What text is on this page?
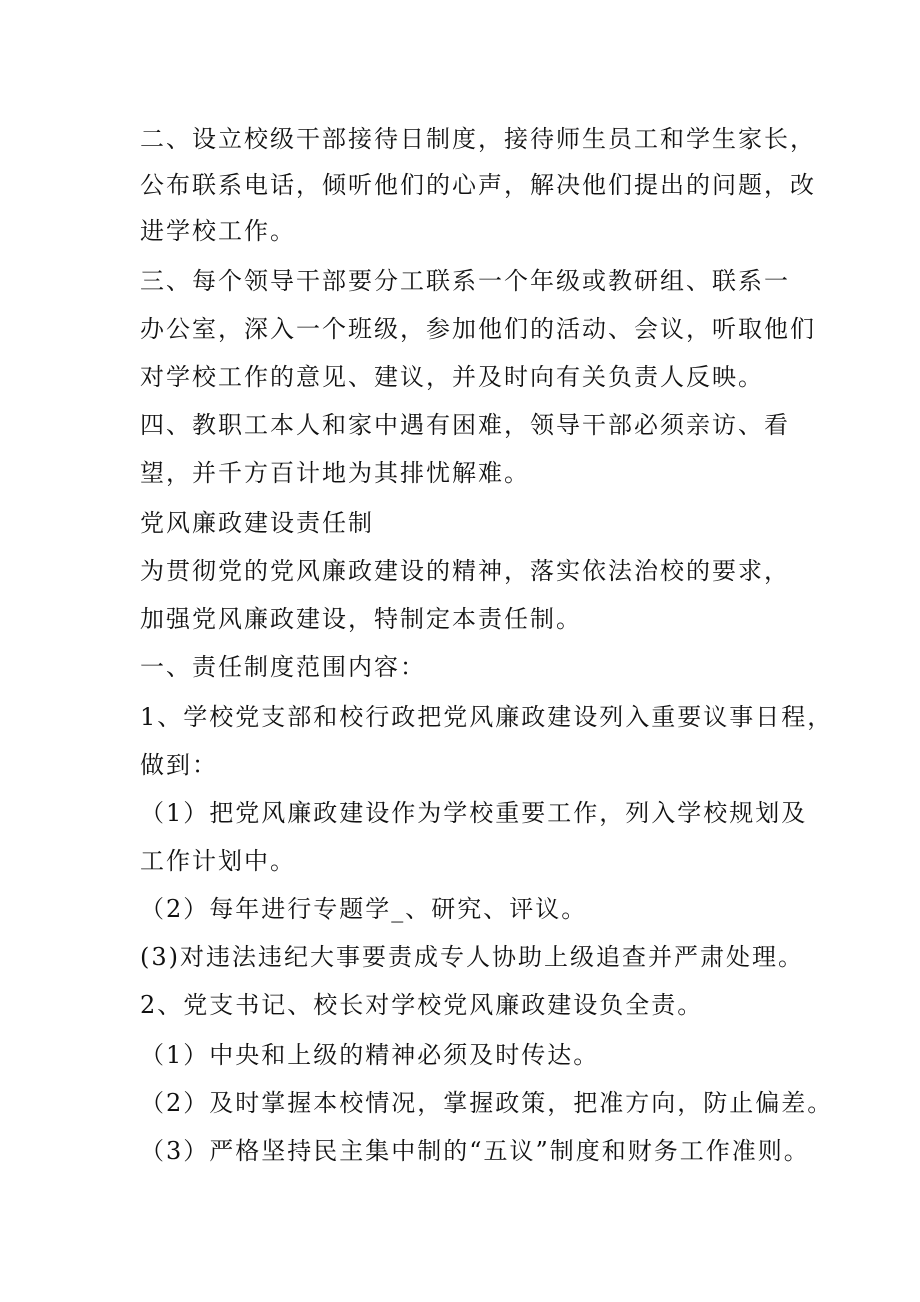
二、设立校级干部接待日制度，接待师生员工和学生家长，
公布联系电话，倾听他们的心声，解决他们提出的问题，改
进学校工作。
三、每个领导干部要分工联系一个年级或教研组、联系一
办公室，深入一个班级，参加他们的活动、会议，听取他们
对学校工作的意见、建议，并及时向有关负责人反映。
四、教职工本人和家中遇有困难，领导干部必须亲访、看
望，并千方百计地为其排忧解难。
党风廉政建设责任制
为贯彻党的党风廉政建设的精神，落实依法治校的要求，
加强党风廉政建设，特制定本责任制。
一、责任制度范围内容：
1、学校党支部和校行政把党风廉政建设列入重要议事日程，
做到：
（1）把党风廉政建设作为学校重要工作，列入学校规划及
工作计划中。
（2）每年进行专题学_、研究、评议。
(3)对违法违纪大事要责成专人协助上级追查并严肃处理。
2、党支书记、校长对学校党风廉政建设负全责。
（1）中央和上级的精神必须及时传达。
（2）及时掌握本校情况，掌握政策，把准方向，防止偏差。
（3）严格坚持民主集中制的“五议”制度和财务工作准则。
